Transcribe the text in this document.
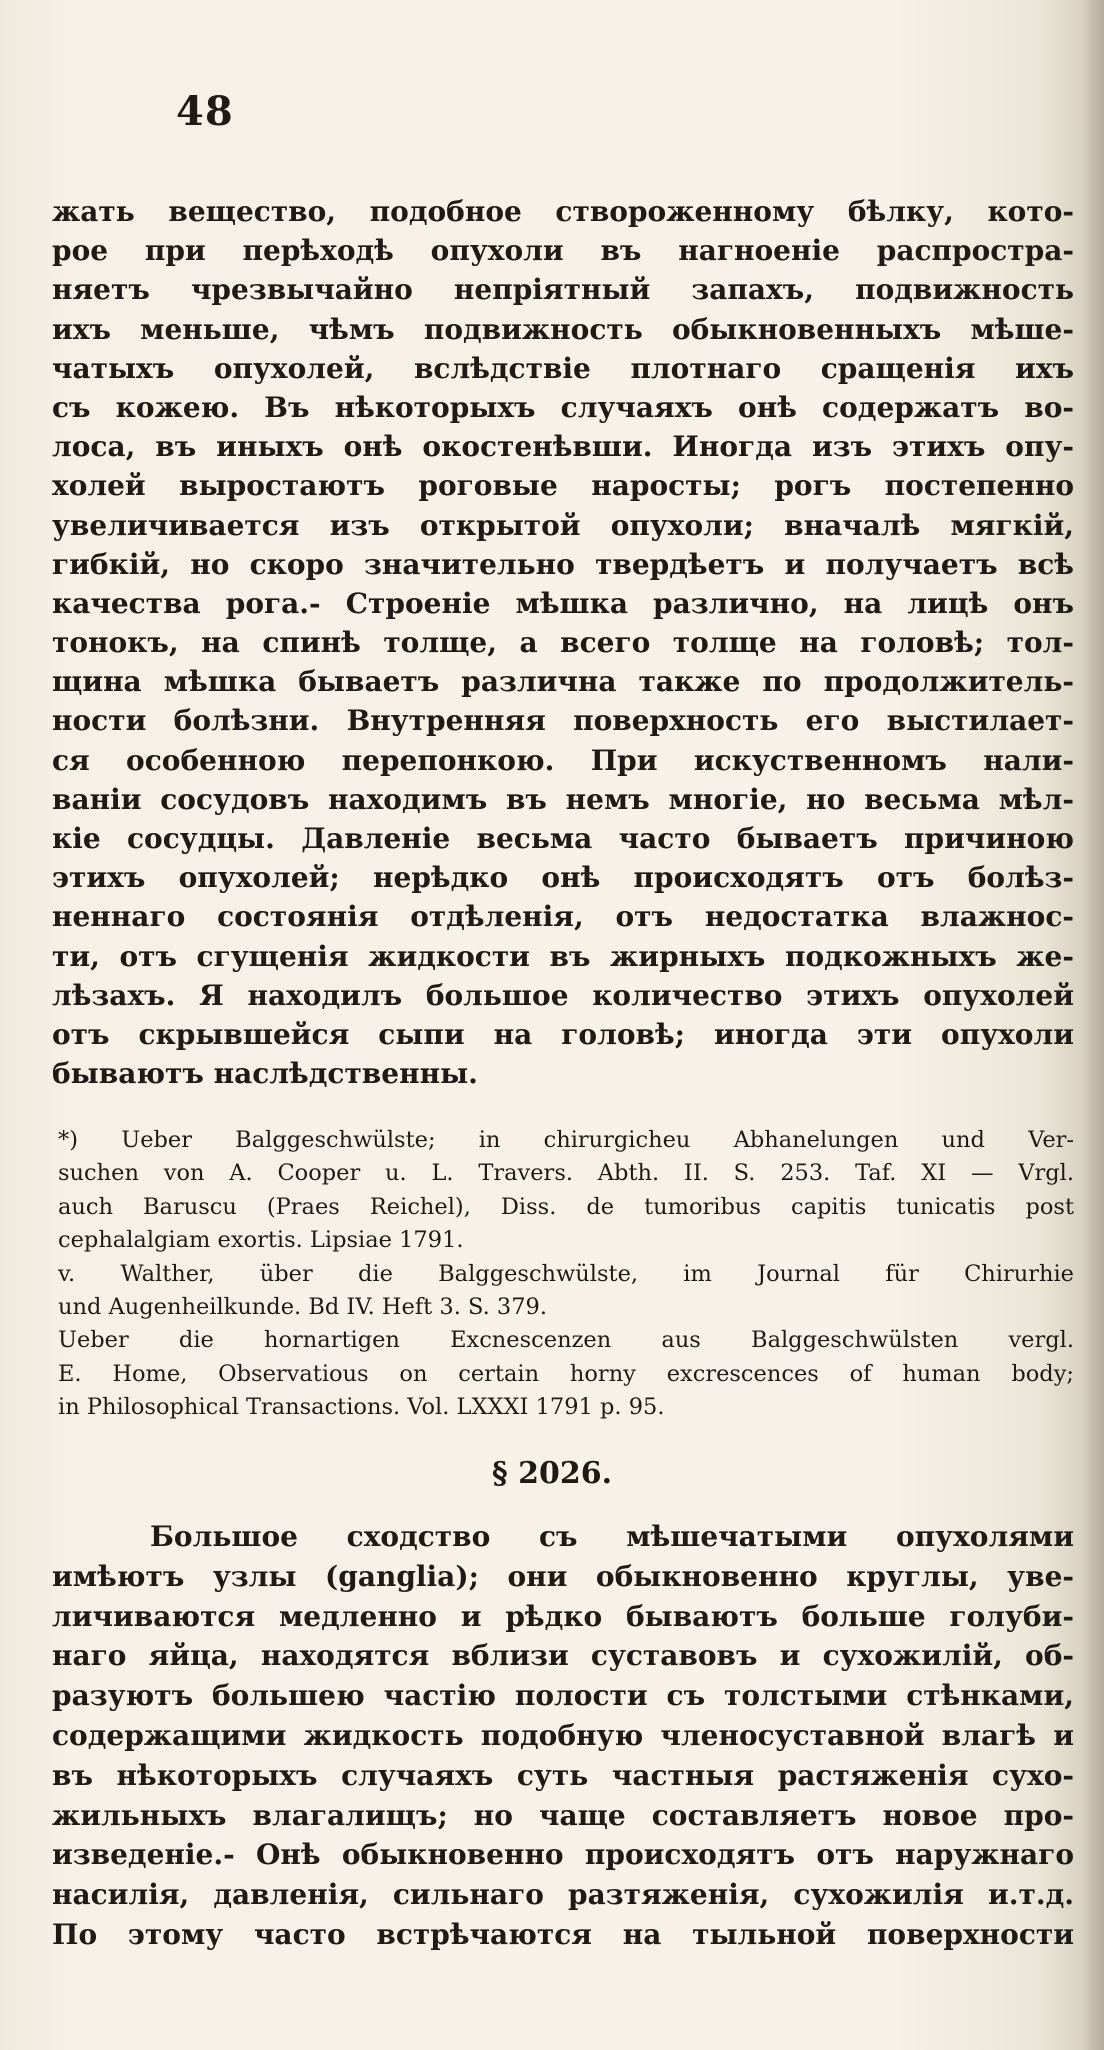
48
жать вещество, подобное створоженному бѣлку, кото-
рое при перѣходѣ опухоли въ нагноенiе распростра-
няетъ чрезвычайно непрiятный запахъ, подвижность
ихъ меньше, чѣмъ подвижность обыкновенныхъ мѣше-
чатыхъ опухолей, вслѣдствiе плотнаго сращенiя ихъ
съ кожею. Въ нѣкоторыхъ случаяхъ онѣ содержатъ во-
лоса, въ иныхъ онѣ окостенѣвши. Иногда изъ этихъ опу-
холей выростаютъ роговые наросты; рогъ постепенно
увеличивается изъ открытой опухоли; вначалѣ мягкiй,
гибкiй, но скоро значительно твердѣетъ и получаетъ всѣ
качества рога.- Строенiе мѣшка различно, на лицѣ онъ
тонокъ, на спинѣ толще, а всего толще на головѣ; тол-
щина мѣшка бываетъ различна также по продолжитель-
ности болѣзни. Внутренняя поверхность его выстилает-
ся особенною перепонкою. При искуственномъ нали-
ванiи сосудовъ находимъ въ немъ многiе, но весьма мѣл-
кiе сосудцы. Давленiе весьма часто бываетъ причиною
этихъ опухолей; нерѣдко онѣ происходятъ отъ болѣз-
неннаго состоянiя отдѣленiя, отъ недостатка влажнос-
ти, отъ сгущенiя жидкости въ жирныхъ подкожныхъ же-
лѣзахъ. Я находилъ большое количество этихъ опухолей
отъ скрывшейся сыпи на головѣ; иногда эти опухоли
бываютъ наслѣдственны.
*) Ueber Balggeschwülste; in chirurgicheu Abhanelungen und Ver-
suchen von A. Cooper u. L. Travers. Abth. II. S. 253. Taf. XI — Vrgl.
auch Baruscu (Praes Reichel), Diss. de tumoribus capitis tunicatis post
cephalalgiam exortis. Lipsiae 1791.
v. Walther, über die Balggeschwülste, im Journal für Chirurhie
und Augenheilkunde. Bd IV. Heft 3. S. 379.
Ueber die hornartigen Excnescenzen aus Balggeschwülsten vergl.
E. Home, Observatious on certain horny excrescences of human body;
in Philosophical Transactions. Vol. LXXXI 1791 p. 95.
§ 2026.
Большое сходство съ мѣшечатыми опухолями
имѣютъ узлы (ganglia); они обыкновенно круглы, уве-
личиваются медленно и рѣдко бываютъ больше голуби-
наго яйца, находятся вблизи суставовъ и сухожилiй, об-
разуютъ большею частiю полости съ толстыми стѣнками,
содержащими жидкость подобную членосуставной влагѣ и
въ нѣкоторыхъ случаяхъ суть частныя растяженiя сухо-
жильныхъ влагалищъ; но чаще составляетъ новое про-
изведенiе.- Онѣ обыкновенно происходятъ отъ наружнаго
насилiя, давленiя, сильнаго разтяженiя, сухожилiя и.т.д.
По этому часто встрѣчаются на тыльной поверхности
